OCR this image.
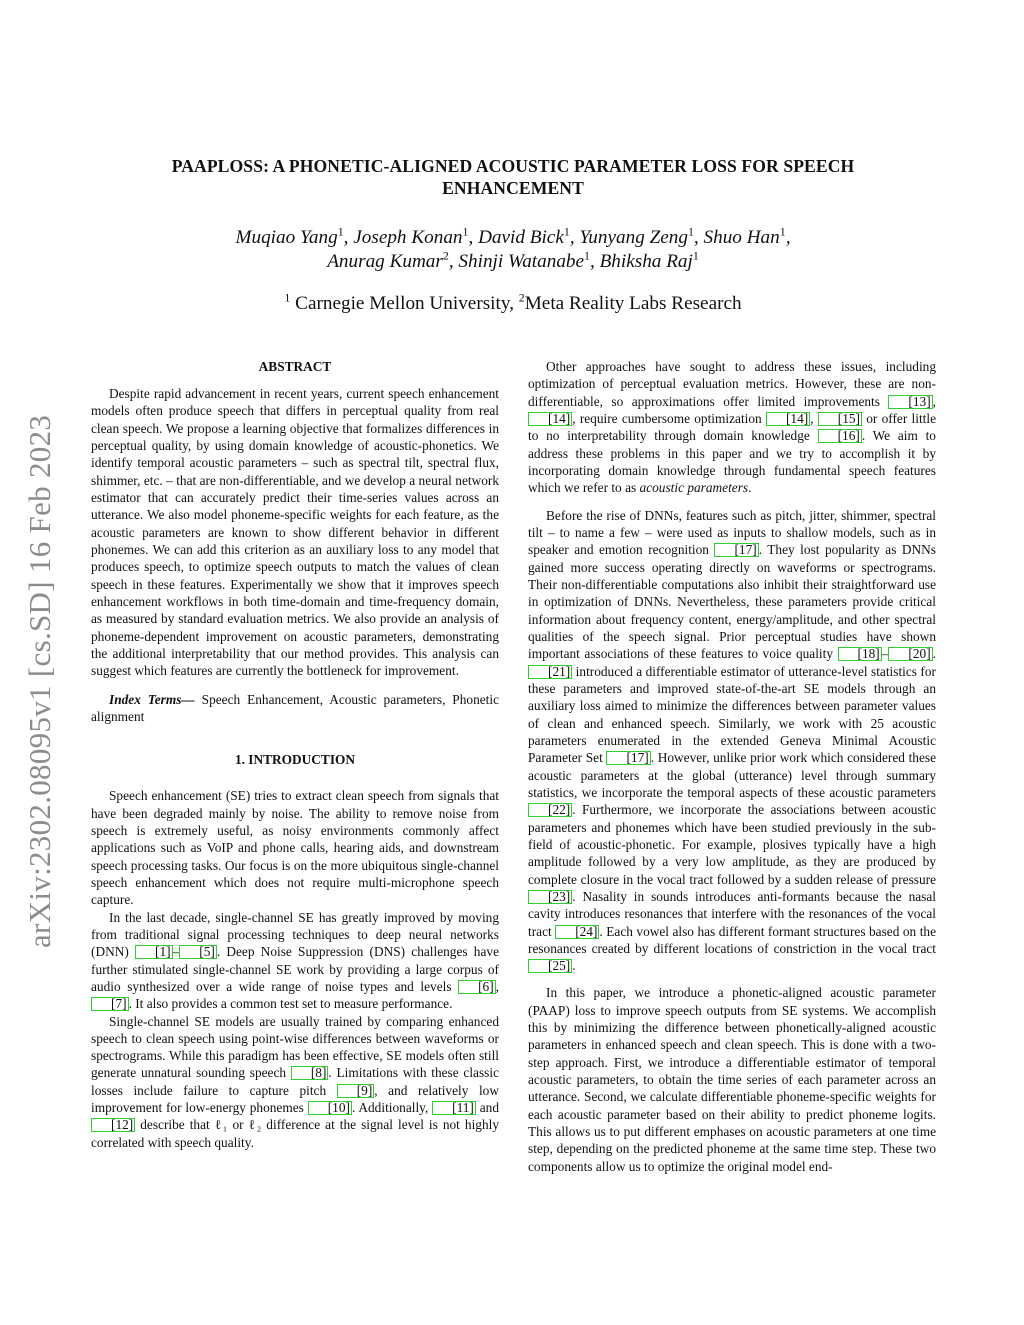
arXiv:2302.08095v1 [cs.SD] 16 Feb 2023
PAAPLOSS: A PHONETIC-ALIGNED ACOUSTIC PARAMETER LOSS FOR SPEECH
ENHANCEMENT
Muqiao Yang$^1$, Joseph Konan$^1$, David Bick$^1$, Yunyang Zeng$^1$, Shuo Han$^1$,
Anurag Kumar$^2$, Shinji Watanabe$^1$, Bhiksha Raj$^1$
$^1$ Carnegie Mellon University, $^2$Meta Reality Labs Research
ABSTRACT

Despite rapid advancement in recent years, current speech enhancement models often produce speech that differs in perceptual quality from real clean speech. We propose a learning objective that formalizes differences in perceptual quality, by using domain knowledge of acoustic-phonetics. We identify temporal acoustic parameters – such as spectral tilt, spectral flux, shimmer, etc. – that are non-differentiable, and we develop a neural network estimator that can accurately predict their time-series values across an utterance. We also model phoneme-specific weights for each feature, as the acoustic parameters are known to show different behavior in different phonemes. We can add this criterion as an auxiliary loss to any model that produces speech, to optimize speech outputs to match the values of clean speech in these features. Experimentally we show that it improves speech enhancement workflows in both time-domain and time-frequency domain, as measured by standard evaluation metrics. We also provide an analysis of phoneme-dependent improvement on acoustic parameters, demonstrating the additional interpretability that our method provides. This analysis can suggest which features are currently the bottleneck for improvement.

Index Terms— Speech Enhancement, Acoustic parameters, Phonetic alignment

1. INTRODUCTION

Speech enhancement (SE) tries to extract clean speech from signals that have been degraded mainly by noise. The ability to remove noise from speech is extremely useful, as noisy environments commonly affect applications such as VoIP and phone calls, hearing aids, and downstream speech processing tasks. Our focus is on the more ubiquitous single-channel speech enhancement which does not require multi-microphone speech capture.

In the last decade, single-channel SE has greatly improved by moving from traditional signal processing techniques to deep neural networks (DNN) [1] – [5] . Deep Noise Suppression (DNS) challenges have further stimulated single-channel SE work by providing a large corpus of audio synthesized over a wide range of noise types and levels [6] , [7] . It also provides a common test set to measure performance.

Single-channel SE models are usually trained by comparing enhanced speech to clean speech using point-wise differences between waveforms or spectrograms. While this paradigm has been effective, SE models often still generate unnatural sounding speech [8] . Limitations with these classic losses include failure to capture pitch [9] , and relatively low improvement for low-energy phonemes [10] . Additionally, [11] and [12] describe that ℓ₁ or ℓ₂ difference at the signal level is not highly correlated with speech quality.

Other approaches have sought to address these issues, including optimization of perceptual evaluation metrics. However, these are non-differentiable, so approximations offer limited improvements [13] , [14] , require cumbersome optimization [14] , [15] or offer little to no interpretability through domain knowledge [16] . We aim to address these problems in this paper and we try to accomplish it by incorporating domain knowledge through fundamental speech features which we refer to as acoustic parameters.

Before the rise of DNNs, features such as pitch, jitter, shimmer, spectral tilt – to name a few – were used as inputs to shallow models, such as in speaker and emotion recognition [17] . They lost popularity as DNNs gained more success operating directly on waveforms or spectrograms. Their non-differentiable computations also inhibit their straightforward use in optimization of DNNs. Nevertheless, these parameters provide critical information about frequency content, energy/amplitude, and other spectral qualities of the speech signal. Prior perceptual studies have shown important associations of these features to voice quality [18] – [20] . [21] introduced a differentiable estimator of utterance-level statistics for these parameters and improved state-of-the-art SE models through an auxiliary loss aimed to minimize the differences between parameter values of clean and enhanced speech. Similarly, we work with 25 acoustic parameters enumerated in the extended Geneva Minimal Acoustic Parameter Set [17] . However, unlike prior work which considered these acoustic parameters at the global (utterance) level through summary statistics, we incorporate the temporal aspects of these acoustic parameters [22] . Furthermore, we incorporate the associations between acoustic parameters and phonemes which have been studied previously in the sub-field of acoustic-phonetic. For example, plosives typically have a high amplitude followed by a very low amplitude, as they are produced by complete closure in the vocal tract followed by a sudden release of pressure [23] . Nasality in sounds introduces anti-formants because the nasal cavity introduces resonances that interfere with the resonances of the vocal tract [24] . Each vowel also has different formant structures based on the resonances created by different locations of constriction in the vocal tract [25] .

In this paper, we introduce a phonetic-aligned acoustic parameter (PAAP) loss to improve speech outputs from SE systems. We accomplish this by minimizing the difference between phonetically-aligned acoustic parameters in enhanced speech and clean speech. This is done with a two-step approach. First, we introduce a differentiable estimator of temporal acoustic parameters, to obtain the time series of each parameter across an utterance. Second, we calculate differentiable phoneme-specific weights for each acoustic parameter based on their ability to predict phoneme logits. This allows us to put different emphases on acoustic parameters at one time step, depending on the predicted phoneme at the same time step. These two components allow us to optimize the original model end-
